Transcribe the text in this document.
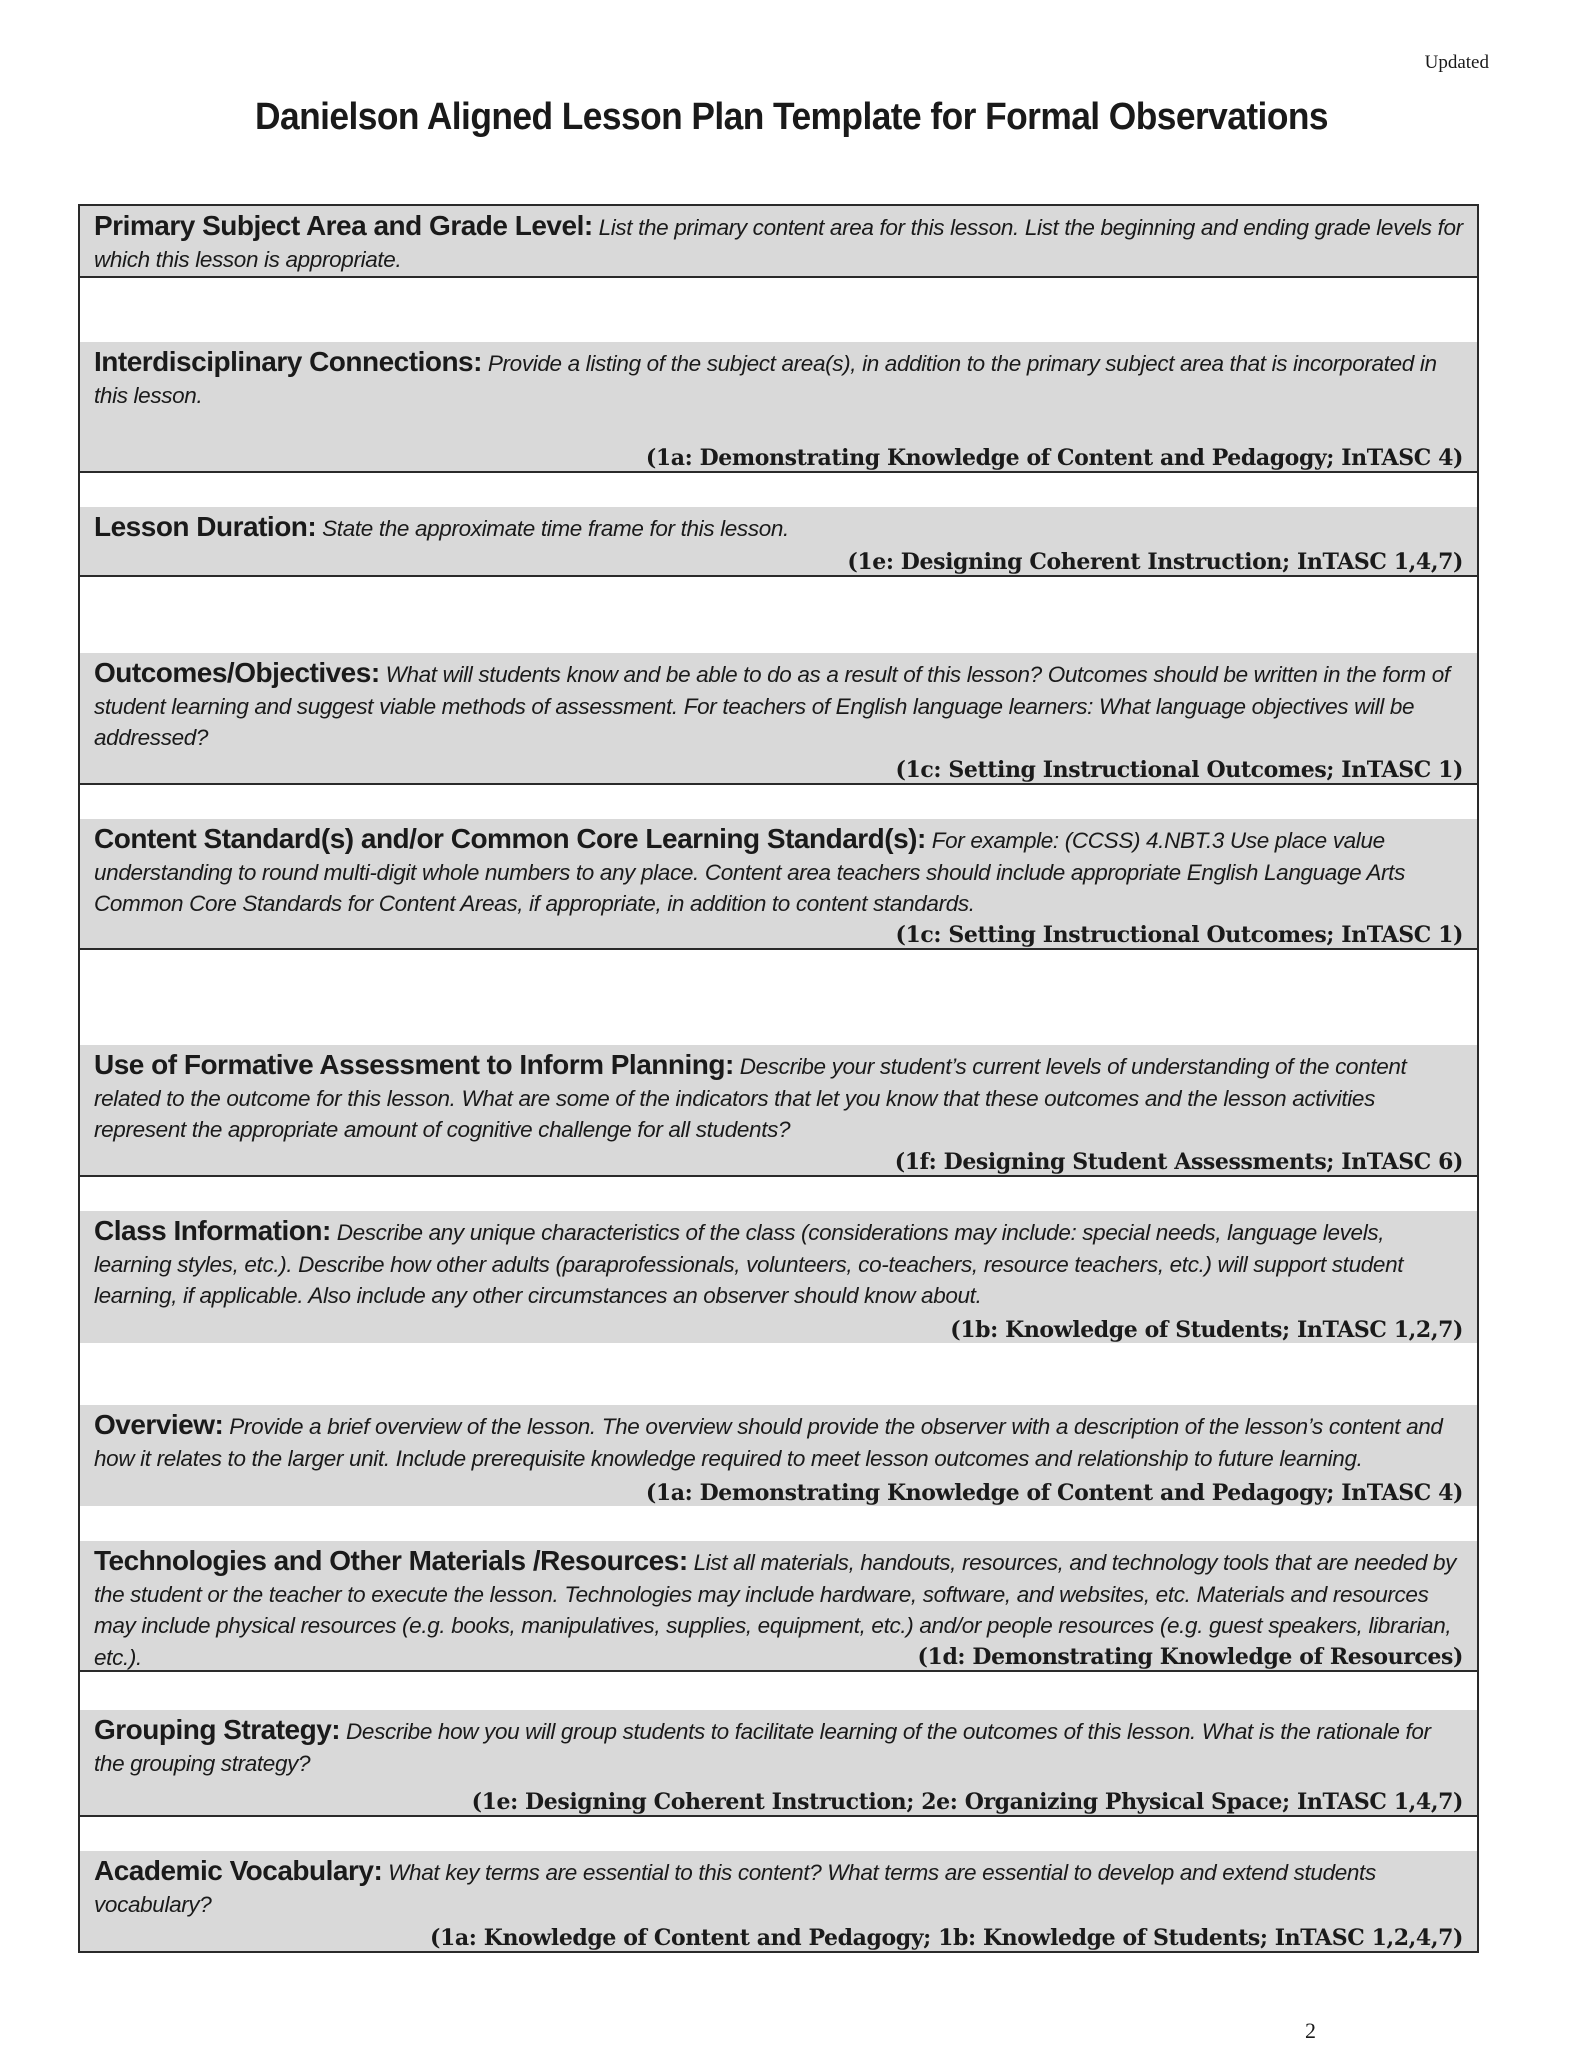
Updated
Danielson Aligned Lesson Plan Template for Formal Observations
Primary Subject Area and Grade Level: List the primary content area for this lesson. List the beginning and ending grade levels for which this lesson is appropriate.
Interdisciplinary Connections: Provide a listing of the subject area(s), in addition to the primary subject area that is incorporated in this lesson.
(1a: Demonstrating Knowledge of Content and Pedagogy; InTASC 4)
Lesson Duration: State the approximate time frame for this lesson.
(1e: Designing Coherent Instruction; InTASC 1,4,7)
Outcomes/Objectives: What will students know and be able to do as a result of this lesson? Outcomes should be written in the form of student learning and suggest viable methods of assessment. For teachers of English language learners: What language objectives will be addressed?
(1c: Setting Instructional Outcomes; InTASC 1)
Content Standard(s) and/or Common Core Learning Standard(s): For example: (CCSS) 4.NBT.3 Use place value understanding to round multi-digit whole numbers to any place. Content area teachers should include appropriate English Language Arts Common Core Standards for Content Areas, if appropriate, in addition to content standards.
(1c: Setting Instructional Outcomes; InTASC 1)
Use of Formative Assessment to Inform Planning: Describe your student’s current levels of understanding of the content related to the outcome for this lesson. What are some of the indicators that let you know that these outcomes and the lesson activities represent the appropriate amount of cognitive challenge for all students?
(1f: Designing Student Assessments; InTASC 6)
Class Information: Describe any unique characteristics of the class (considerations may include: special needs, language levels, learning styles, etc.). Describe how other adults (paraprofessionals, volunteers, co-teachers, resource teachers, etc.) will support student learning, if applicable. Also include any other circumstances an observer should know about.
(1b: Knowledge of Students; InTASC 1,2,7)
Overview: Provide a brief overview of the lesson. The overview should provide the observer with a description of the lesson’s content and how it relates to the larger unit. Include prerequisite knowledge required to meet lesson outcomes and relationship to future learning.
(1a: Demonstrating Knowledge of Content and Pedagogy; InTASC 4)
Technologies and Other Materials /Resources: List all materials, handouts, resources, and technology tools that are needed by the student or the teacher to execute the lesson. Technologies may include hardware, software, and websites, etc. Materials and resources may include physical resources (e.g. books, manipulatives, supplies, equipment, etc.) and/or people resources (e.g. guest speakers, librarian, etc.).	(1d: Demonstrating Knowledge of Resources)
Grouping Strategy: Describe how you will group students to facilitate learning of the outcomes of this lesson. What is the rationale for the grouping strategy?
(1e: Designing Coherent Instruction; 2e: Organizing Physical Space; InTASC 1,4,7)
Academic Vocabulary: What key terms are essential to this content? What terms are essential to develop and extend students vocabulary?
(1a: Knowledge of Content and Pedagogy; 1b: Knowledge of Students; InTASC 1,2,4,7)
2
